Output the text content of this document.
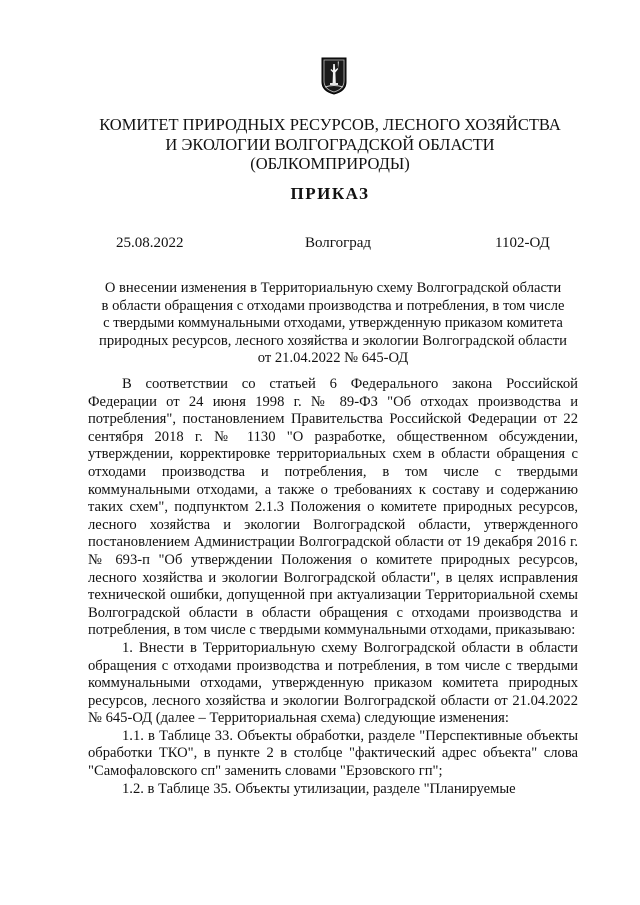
КОМИТЕТ ПРИРОДНЫХ РЕСУРСОВ, ЛЕСНОГО ХОЗЯЙСТВА
И ЭКОЛОГИИ ВОЛГОГРАДСКОЙ ОБЛАСТИ
(ОБЛКОМПРИРОДЫ)
ПРИКАЗ
25.08.2022	Волгоград	1102-ОД
О внесении изменения в Территориальную схему Волгоградской области
в области обращения с отходами производства и потребления, в том числе
с твердыми коммунальными отходами, утвержденную приказом комитета
природных ресурсов, лесного хозяйства и экологии Волгоградской области
от 21.04.2022 № 645-ОД

В соответствии со статьей 6 Федерального закона Российской Федерации от 24 июня 1998 г. № 89-ФЗ "Об отходах производства и потребления", постановлением Правительства Российской Федерации от 22 сентября 2018 г. № 1130 "О разработке, общественном обсуждении, утверждении, корректировке территориальных схем в области обращения с отходами производства и потребления, в том числе с твердыми коммунальными отходами, а также о требованиях к составу и содержанию таких схем", подпунктом 2.1.3 Положения о комитете природных ресурсов, лесного хозяйства и экологии Волгоградской области, утвержденного постановлением Администрации Волгоградской области от 19 декабря 2016 г. № 693-п "Об утверждении Положения о комитете природных ресурсов, лесного хозяйства и экологии Волгоградской области", в целях исправления технической ошибки, допущенной при актуализации Территориальной схемы Волгоградской области в области обращения с отходами производства и потребления, в том числе с твердыми коммунальными отходами, приказываю:

1. Внести в Территориальную схему Волгоградской области в области обращения с отходами производства и потребления, в том числе с твердыми коммунальными отходами, утвержденную приказом комитета природных ресурсов, лесного хозяйства и экологии Волгоградской области от 21.04.2022 № 645-ОД (далее – Территориальная схема) следующие изменения:

1.1. в Таблице 33. Объекты обработки, разделе "Перспективные объекты обработки ТКО", в пункте 2 в столбце "фактический адрес объекта" слова "Самофаловского сп" заменить словами "Ерзовского гп";

1.2. в Таблице 35. Объекты утилизации, разделе "Планируемые
